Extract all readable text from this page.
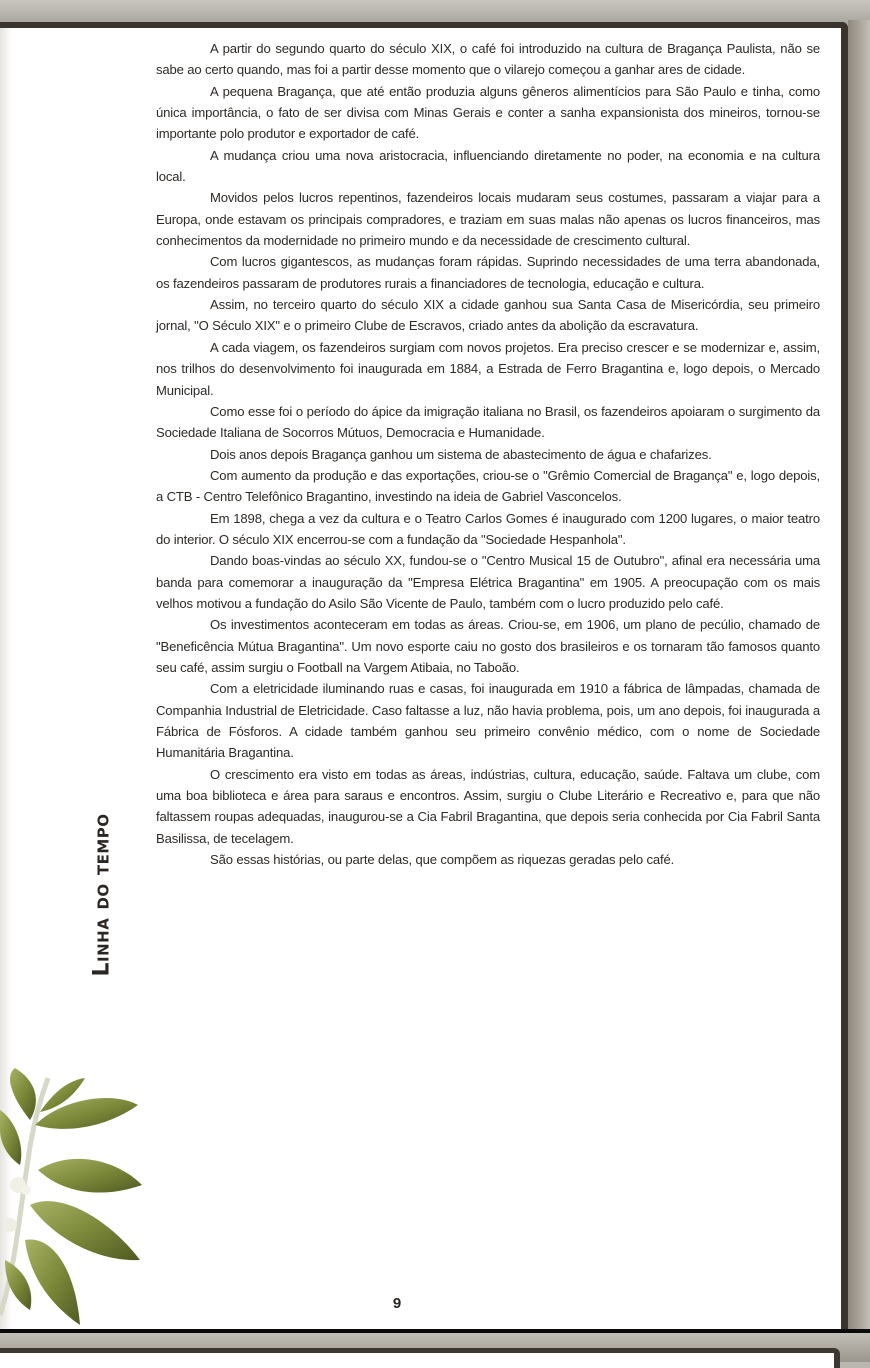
A partir do segundo quarto do século XIX, o café foi introduzido na cultura de Bragança Paulista, não se sabe ao certo quando, mas foi a partir desse momento que o vilarejo começou a ganhar ares de cidade.

A pequena Bragança, que até então produzia alguns gêneros alimentícios para São Paulo e tinha, como única importância, o fato de ser divisa com Minas Gerais e conter a sanha expansionista dos mineiros, tornou-se importante polo produtor e exportador de café.

A mudança criou uma nova aristocracia, influenciando diretamente no poder, na economia e na cultura local.

Movidos pelos lucros repentinos, fazendeiros locais mudaram seus costumes, passaram a viajar para a Europa, onde estavam os principais compradores, e traziam em suas malas não apenas os lucros financeiros, mas conhecimentos da modernidade no primeiro mundo e da necessidade de crescimento cultural.

Com lucros gigantescos, as mudanças foram rápidas. Suprindo necessidades de uma terra abandonada, os fazendeiros passaram de produtores rurais a financiadores de tecnologia, educação e cultura.

Assim, no terceiro quarto do século XIX a cidade ganhou sua Santa Casa de Misericórdia, seu primeiro jornal, "O Século XIX" e o primeiro Clube de Escravos, criado antes da abolição da escravatura.

A cada viagem, os fazendeiros surgiam com novos projetos. Era preciso crescer e se modernizar e, assim, nos trilhos do desenvolvimento foi inaugurada em 1884, a Estrada de Ferro Bragantina e, logo depois, o Mercado Municipal.

Como esse foi o período do ápice da imigração italiana no Brasil, os fazendeiros apoiaram o surgimento da Sociedade Italiana de Socorros Mútuos, Democracia e Humanidade.

Dois anos depois Bragança ganhou um sistema de abastecimento de água e chafarizes.

Com aumento da produção e das exportações, criou-se o "Grêmio Comercial de Bragança" e, logo depois, a CTB - Centro Telefônico Bragantino, investindo na ideia de Gabriel Vasconcelos.

Em 1898, chega a vez da cultura e o Teatro Carlos Gomes é inaugurado com 1200 lugares, o maior teatro do interior. O século XIX encerrou-se com a fundação da "Sociedade Hespanhola".

Dando boas-vindas ao século XX, fundou-se o "Centro Musical 15 de Outubro", afinal era necessária uma banda para comemorar a inauguração da "Empresa Elétrica Bragantina" em 1905. A preocupação com os mais velhos motivou a fundação do Asilo São Vicente de Paulo, também com o lucro produzido pelo café.

Os investimentos aconteceram em todas as áreas. Criou-se, em 1906, um plano de pecúlio, chamado de "Beneficência Mútua Bragantina". Um novo esporte caiu no gosto dos brasileiros e os tornaram tão famosos quanto seu café, assim surgiu o Football na Vargem Atibaia, no Taboão.

Com a eletricidade iluminando ruas e casas, foi inaugurada em 1910 a fábrica de lâmpadas, chamada de Companhia Industrial de Eletricidade. Caso faltasse a luz, não havia problema, pois, um ano depois, foi inaugurada a Fábrica de Fósforos. A cidade também ganhou seu primeiro convênio médico, com o nome de Sociedade Humanitária Bragantina.

O crescimento era visto em todas as áreas, indústrias, cultura, educação, saúde. Faltava um clube, com uma boa biblioteca e área para saraus e encontros. Assim, surgiu o Clube Literário e Recreativo e, para que não faltassem roupas adequadas, inaugurou-se a Cia Fabril Bragantina, que depois seria conhecida por Cia Fabril Santa Basilissa, de tecelagem.

São essas histórias, ou parte delas, que compõem as riquezas geradas pelo café.

Linha do tempo
9
